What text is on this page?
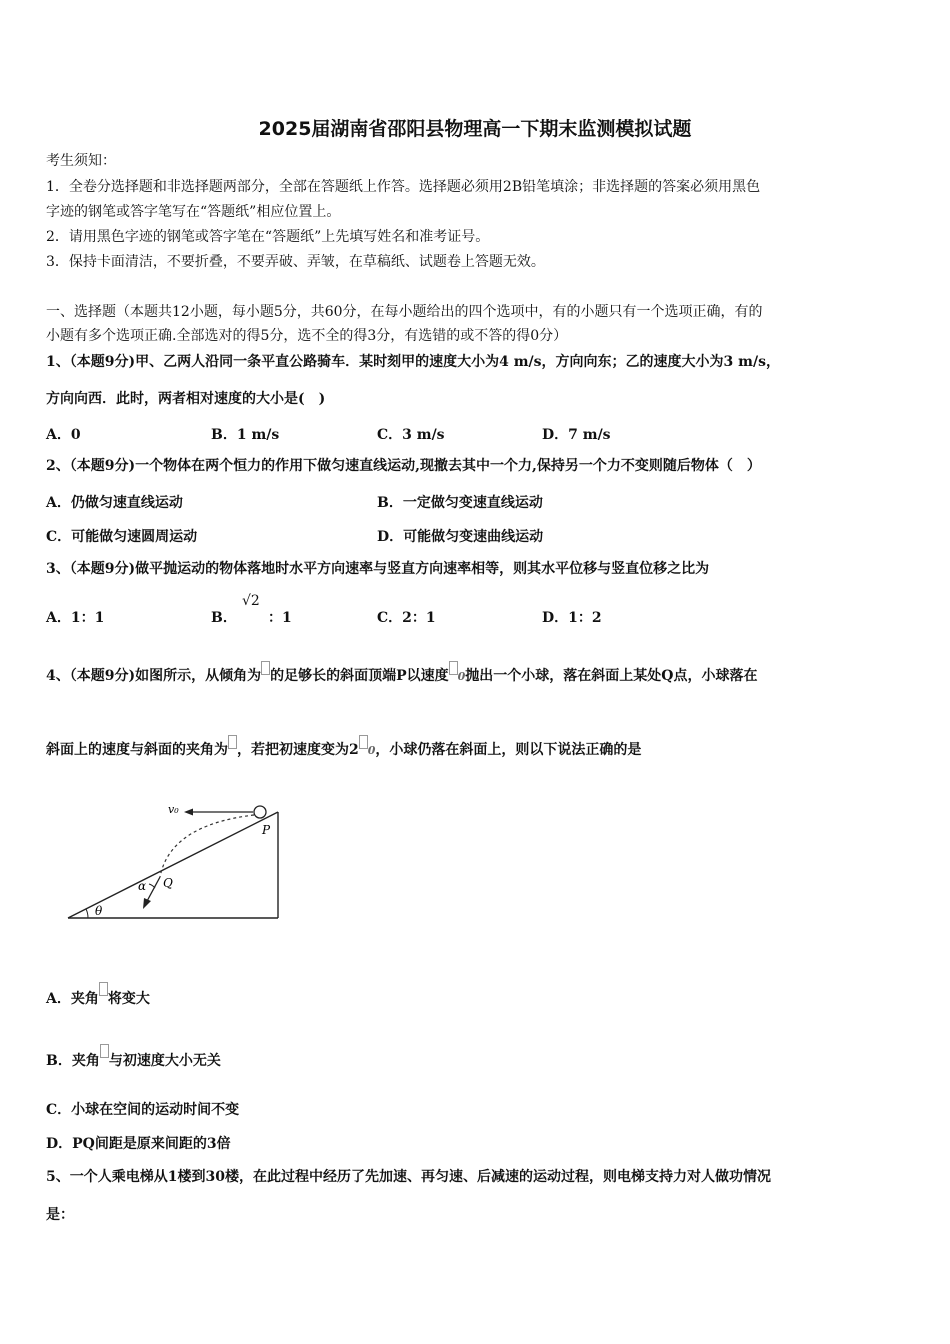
2025届湖南省邵阳县物理高一下期末监测模拟试题
考生须知：
1．全卷分选择题和非选择题两部分，全部在答题纸上作答。选择题必须用2B铅笔填涂；非选择题的答案必须用黑色
字迹的钢笔或答字笔写在“答题纸”相应位置上。
2．请用黑色字迹的钢笔或答字笔在“答题纸”上先填写姓名和准考证号。
3．保持卡面清洁，不要折叠，不要弄破、弄皱，在草稿纸、试题卷上答题无效。
一、选择题（本题共12小题，每小题5分，共60分，在每小题给出的四个选项中，有的小题只有一个选项正确，有的
小题有多个选项正确.全部选对的得5分，选不全的得3分，有选错的或不答的得0分）
1、（本题9分)甲、乙两人沿同一条平直公路骑车．某时刻甲的速度大小为4 m/s，方向向东；乙的速度大小为3 m/s，
方向向西．此时，两者相对速度的大小是(　)
A．0	B．1 m/s	C．3 m/s	D．7 m/s
2、（本题9分)一个物体在两个恒力的作用下做匀速直线运动,现撤去其中一个力,保持另一个力不变则随后物体（　）
A．仍做匀速直线运动	B．一定做匀变速直线运动
C．可能做匀速圆周运动	D．可能做匀变速曲线运动
3、（本题9分)做平抛运动的物体落地时水平方向速率与竖直方向速率相等，则其水平位移与竖直位移之比为
A．1：1	B．
√2
：1	C．2：1	D．1：2
4、（本题9分)如图所示，从倾角为 的足够长的斜面顶端P以速度 0抛出一个小球，落在斜面上某处Q点，小球落在
斜面上的速度与斜面的夹角为 ，若把初速度变为2 0，小球仍落在斜面上，则以下说法正确的是
v₀
P
Q
α
θ
A．夹角 将变大
B．夹角 与初速度大小无关
C．小球在空间的运动时间不变
D．PQ间距是原来间距的3倍
5、一个人乘电梯从1楼到30楼，在此过程中经历了先加速、再匀速、后减速的运动过程，则电梯支持力对人做功情况
是：
